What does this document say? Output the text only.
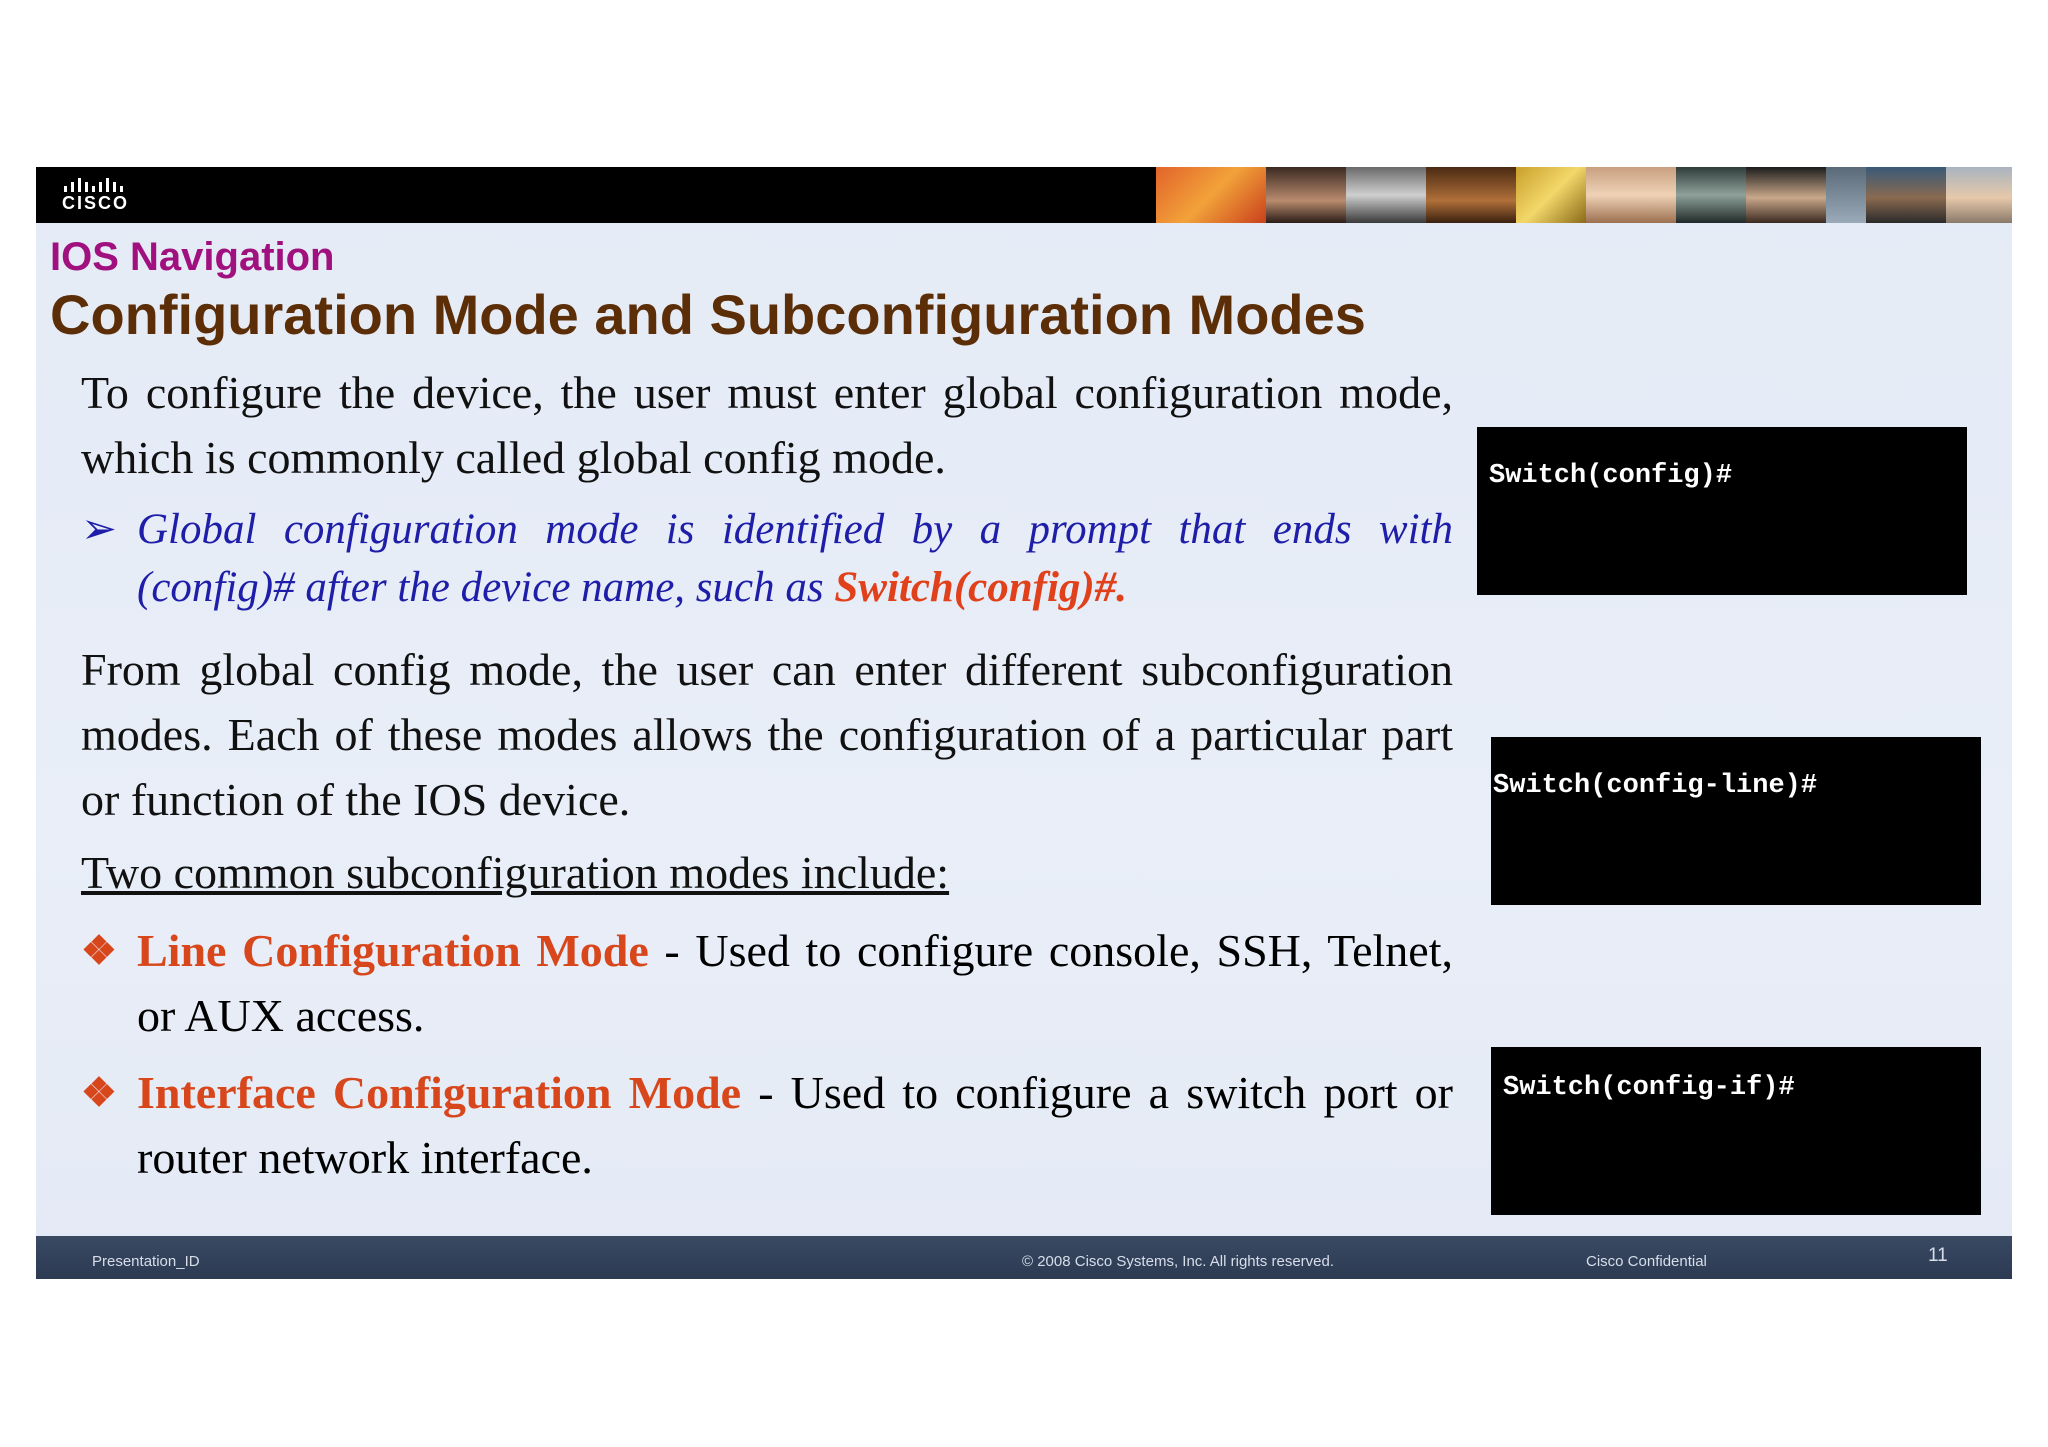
CISCO
IOS Navigation
Configuration Mode and Subconfiguration Modes
To configure the device, the user must enter global configuration mode, which is commonly called global config mode.
➢ Global configuration mode is identified by a prompt that ends with (config)# after the device name, such as Switch(config)#.
From global config mode, the user can enter different subconfiguration modes. Each of these modes allows the configuration of a particular part or function of the IOS device.
Two common subconfiguration modes include:
❖ Line Configuration Mode - Used to configure console, SSH, Telnet, or AUX access.
❖ Interface Configuration Mode - Used to configure a switch port or router network interface.
Switch(config)#
Switch(config-line)#
Switch(config-if)#
Presentation_ID	© 2008 Cisco Systems, Inc. All rights reserved.	Cisco Confidential	11
